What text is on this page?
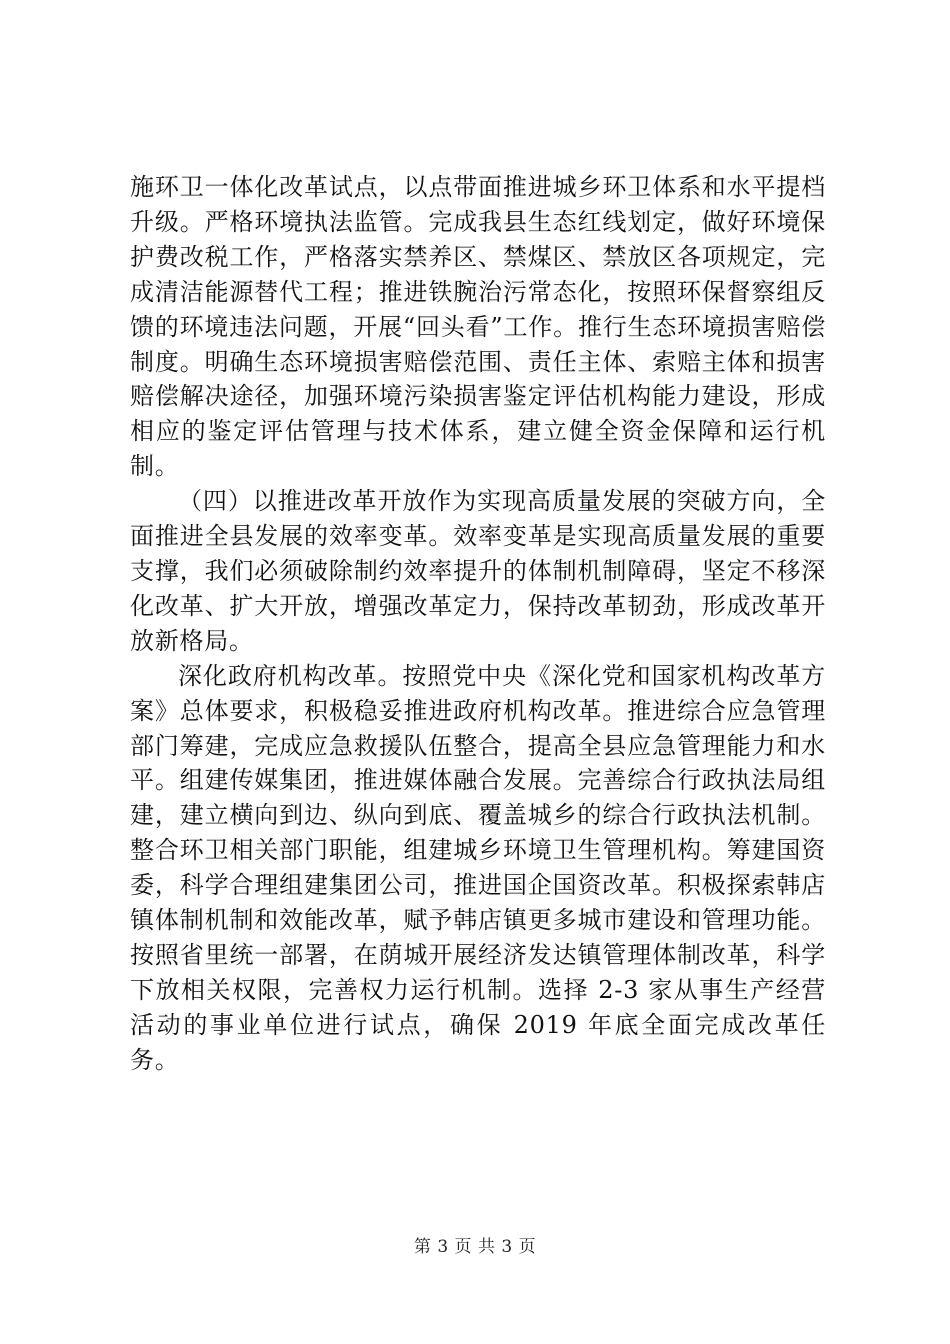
施环卫一体化改革试点，以点带面推进城乡环卫体系和水平提档升级。严格环境执法监管。完成我县生态红线划定，做好环境保护费改税工作，严格落实禁养区、禁煤区、禁放区各项规定，完成清洁能源替代工程；推进铁腕治污常态化，按照环保督察组反馈的环境违法问题，开展“回头看”工作。推行生态环境损害赔偿制度。明确生态环境损害赔偿范围、责任主体、索赔主体和损害赔偿解决途径，加强环境污染损害鉴定评估机构能力建设，形成相应的鉴定评估管理与技术体系，建立健全资金保障和运行机制。

（四）以推进改革开放作为实现高质量发展的突破方向，全面推进全县发展的效率变革。效率变革是实现高质量发展的重要支撑，我们必须破除制约效率提升的体制机制障碍，坚定不移深化改革、扩大开放，增强改革定力，保持改革韧劲，形成改革开放新格局。

深化政府机构改革。按照党中央《深化党和国家机构改革方案》总体要求，积极稳妥推进政府机构改革。推进综合应急管理部门筹建，完成应急救援队伍整合，提高全县应急管理能力和水平。组建传媒集团，推进媒体融合发展。完善综合行政执法局组建，建立横向到边、纵向到底、覆盖城乡的综合行政执法机制。整合环卫相关部门职能，组建城乡环境卫生管理机构。筹建国资委，科学合理组建集团公司，推进国企国资改革。积极探索韩店镇体制机制和效能改革，赋予韩店镇更多城市建设和管理功能。按照省里统一部署，在荫城开展经济发达镇管理体制改革，科学下放相关权限，完善权力运行机制。选择 2-3 家从事生产经营活动的事业单位进行试点，确保 2019 年底全面完成改革任务。

第 3 页 共 3 页
